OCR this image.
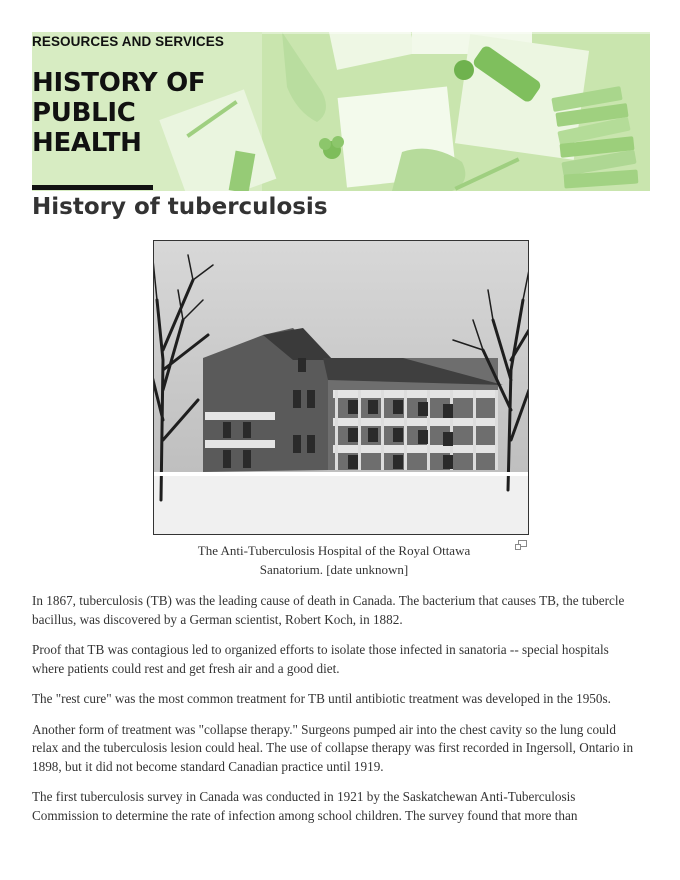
RESOURCES AND SERVICES
HISTORY OF
PUBLIC
HEALTH
History of tuberculosis
The Anti-Tuberculosis Hospital of the Royal Ottawa
Sanatorium. [date unknown]

In 1867, tuberculosis (TB) was the leading cause of death in Canada. The bacterium that causes TB, the tubercle bacillus, was discovered by a German scientist, Robert Koch, in 1882.

Proof that TB was contagious led to organized efforts to isolate those infected in sanatoria -- special hospitals where patients could rest and get fresh air and a good diet.

The "rest cure" was the most common treatment for TB until antibiotic treatment was developed in the 1950s.

Another form of treatment was "collapse therapy." Surgeons pumped air into the chest cavity so the lung could relax and the tuberculosis lesion could heal. The use of collapse therapy was first recorded in Ingersoll, Ontario in 1898, but it did not become standard Canadian practice until 1919.

The first tuberculosis survey in Canada was conducted in 1921 by the Saskatchewan Anti-Tuberculosis Commission to determine the rate of infection among school children. The survey found that more than
